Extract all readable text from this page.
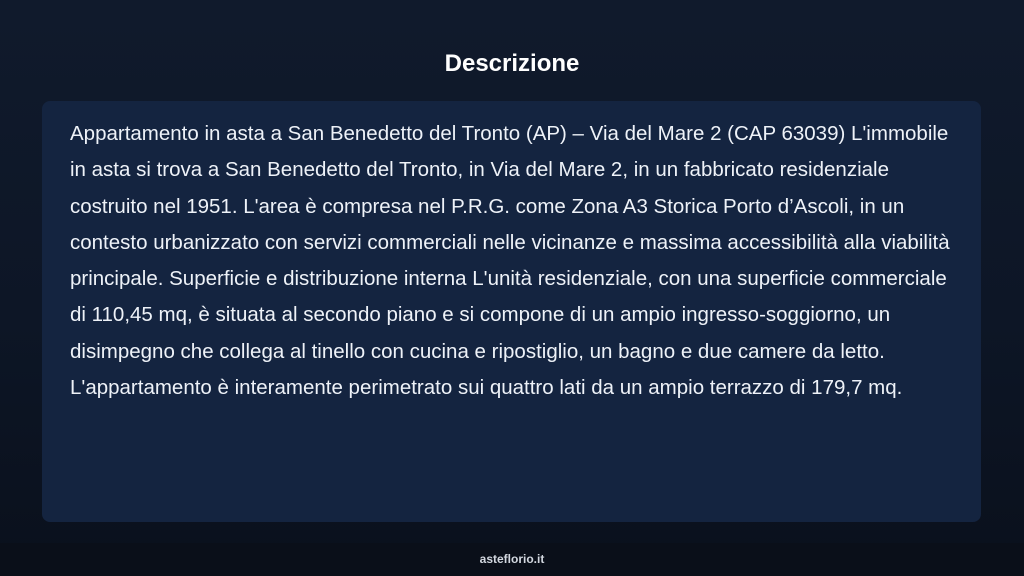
Descrizione

Appartamento in asta a San Benedetto del Tronto (AP) – Via del Mare 2 (CAP 63039) L'immobile in asta si trova a San Benedetto del Tronto, in Via del Mare 2, in un fabbricato residenziale costruito nel 1951. L'area è compresa nel P.R.G. come Zona A3 Storica Porto d’Ascoli, in un contesto urbanizzato con servizi commerciali nelle vicinanze e massima accessibilità alla viabilità principale. Superficie e distribuzione interna L'unità residenziale, con una superficie commerciale di 110,45 mq, è situata al secondo piano e si compone di un ampio ingresso-soggiorno, un disimpegno che collega al tinello con cucina e ripostiglio, un bagno e due camere da letto. L'appartamento è interamente perimetrato sui quattro lati da un ampio terrazzo di 179,7 mq.

asteflorio.it
